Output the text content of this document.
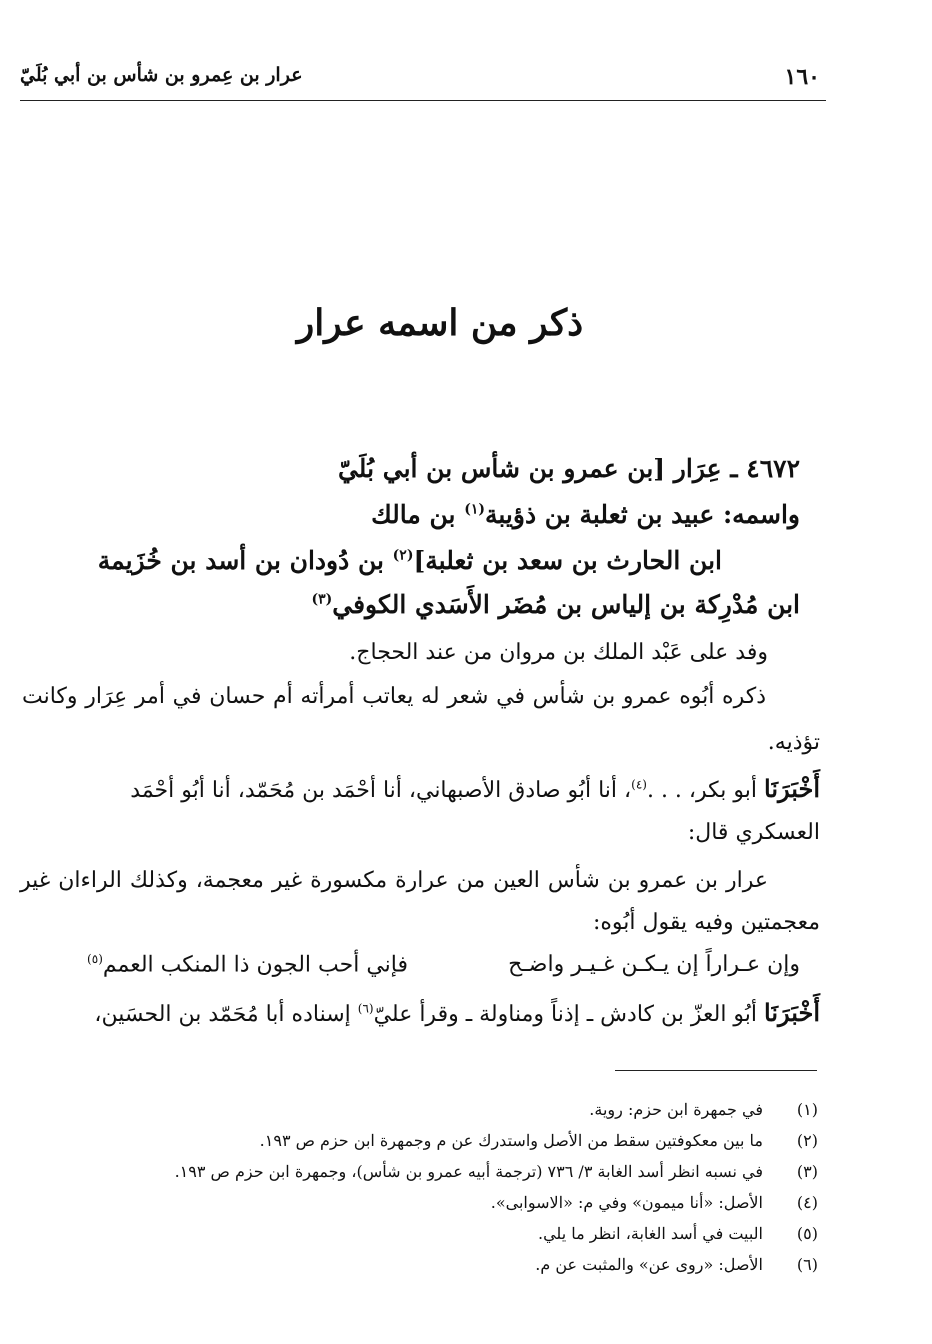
عرار بن عِمرو بن شأس بن أبي بُلَيّ	١٦٠
ذكر من اسمه عرار
٤٦٧٢ ـ عِرَار [بن عمرو بن شأس بن أبي بُلَيّ
واسمه: عبيد بن ثعلبة بن ذؤيبة$^{(١)}$ بن مالك
ابن الحارث بن سعد بن ثعلبة]$^{(٢)}$ بن دُودان بن أسد بن خُزَيمة
ابن مُدْرِكة بن إلياس بن مُضَر الأَسَدي الكوفي$^{(٣)}$
وفد على عَبْد الملك بن مروان من عند الحجاج.
ذكره أبُوه عمرو بن شأس في شعر له يعاتب أمرأته أم حسان في أمر عِرَار وكانت
تؤذيه.
أَخْبَرَنَا أبو بكر، . . .$^{(٤)}$، أنا أبُو صادق الأصبهاني، أنا أحْمَد بن مُحَمّد، أنا أبُو أحْمَد
العسكري قال:
عرار بن عمرو بن شأس العين من عرارة مكسورة غير معجمة، وكذلك الراءان غير
معجمتين وفيه يقول أبُوه:
وإن عـراراً إن يـكـن غـيـر واضـح
فإني أحب الجون ذا المنكب العمم$^{(٥)}$
أَخْبَرَنَا أبُو العزّ بن كادش ـ إذناً ومناولة ـ وقرأ عليّ$^{(٦)}$ إسناده أبا مُحَمّد بن الحسَين،
(١)
في جمهرة ابن حزم: روية.
(٢)
ما بين معكوفتين سقط من الأصل واستدرك عن م وجمهرة ابن حزم ص ١٩٣.
(٣)
في نسبه انظر أسد الغابة ٣/ ٧٣٦ (ترجمة أبيه عمرو بن شأس)، وجمهرة ابن حزم ص ١٩٣.
(٤)
الأصل: «أنا ميمون» وفي م: «الاسوابى».
(٥)
البيت في أسد الغابة، انظر ما يلي.
(٦)
الأصل: «روى عن» والمثبت عن م.
